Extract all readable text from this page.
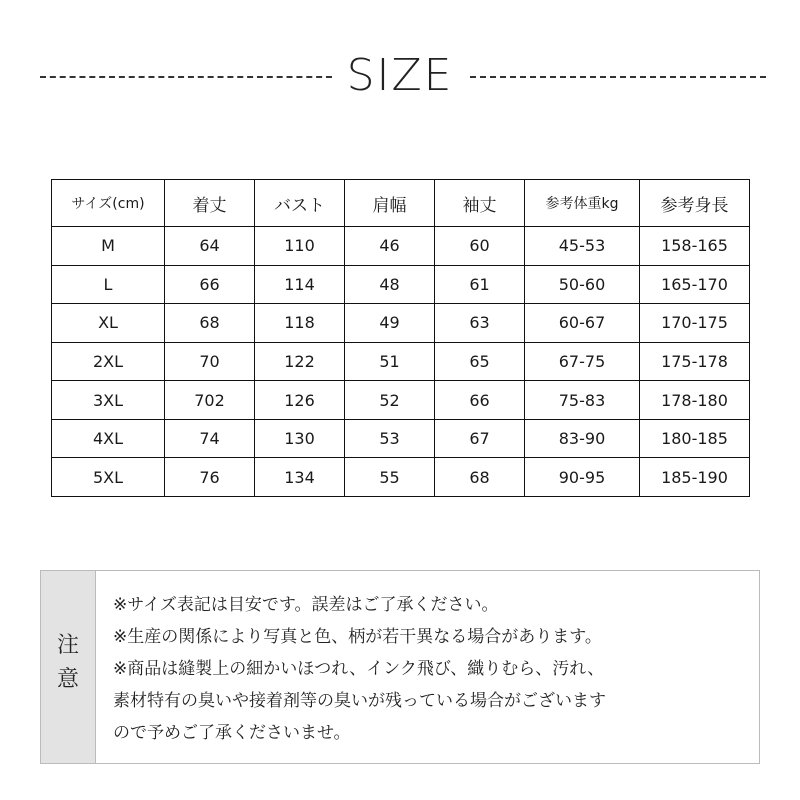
SIZE
サイズ(cm)	着丈	バスト	肩幅	袖丈	参考体重kg	参考身長
M	64	110	46	60	45-53	158-165
L	66	114	48	61	50-60	165-170
XL	68	118	49	63	60-67	170-175
2XL	70	122	51	65	67-75	175-178
3XL	702	126	52	66	75-83	178-180
4XL	74	130	53	67	83-90	180-185
5XL	76	134	55	68	90-95	185-190
注
意

※サイズ表記は目安です。誤差はご了承ください。

※生産の関係により写真と色、柄が若干異なる場合があります。

※商品は縫製上の細かいほつれ、インク飛び、織りむら、汚れ、

素材特有の臭いや接着剤等の臭いが残っている場合がございます

ので予めご了承くださいませ。
